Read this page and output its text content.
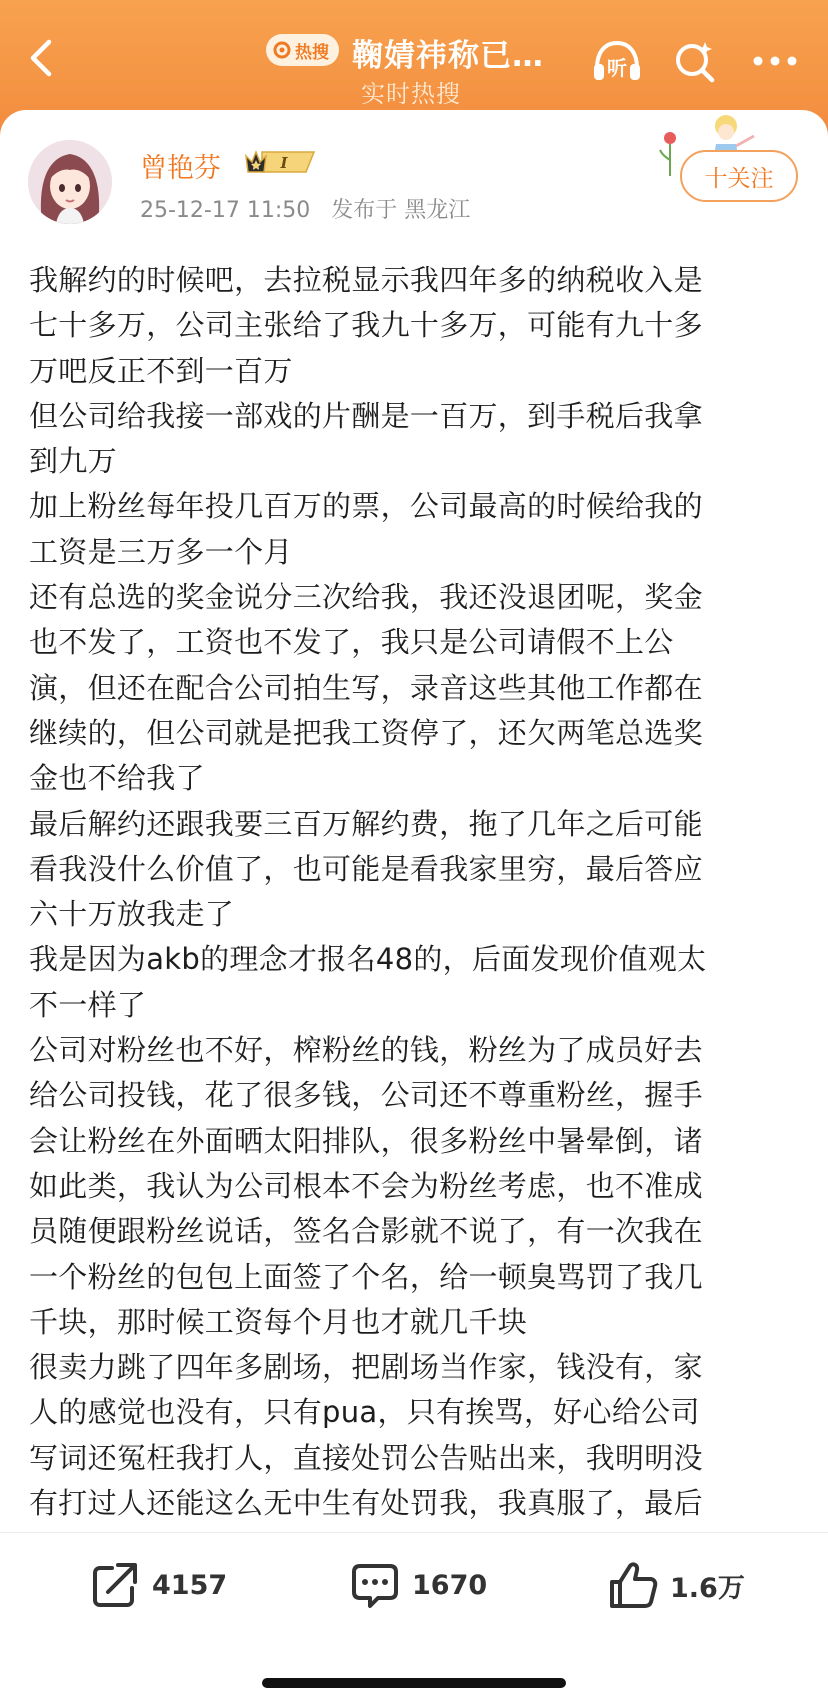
热搜 鞠婧祎称已…
实时热搜
听
曾艳芬	I
25-12-17 11:50 发布于 黑龙江
十关注
我解约的时候吧，去拉税显示我四年多的纳税收入是
七十多万，公司主张给了我九十多万，可能有九十多
万吧反正不到一百万
但公司给我接一部戏的片酬是一百万，到手税后我拿
到九万
加上粉丝每年投几百万的票，公司最高的时候给我的
工资是三万多一个月
还有总选的奖金说分三次给我，我还没退团呢，奖金
也不发了，工资也不发了，我只是公司请假不上公
演，但还在配合公司拍生写，录音这些其他工作都在
继续的，但公司就是把我工资停了，还欠两笔总选奖
金也不给我了
最后解约还跟我要三百万解约费，拖了几年之后可能
看我没什么价值了，也可能是看我家里穷，最后答应
六十万放我走了
我是因为akb的理念才报名48的，后面发现价值观太
不一样了
公司对粉丝也不好，榨粉丝的钱，粉丝为了成员好去
给公司投钱，花了很多钱，公司还不尊重粉丝，握手
会让粉丝在外面晒太阳排队，很多粉丝中暑晕倒，诸
如此类，我认为公司根本不会为粉丝考虑，也不准成
员随便跟粉丝说话，签名合影就不说了，有一次我在
一个粉丝的包包上面签了个名，给一顿臭骂罚了我几
千块，那时候工资每个月也才就几千块
很卖力跳了四年多剧场，把剧场当作家，钱没有，家
人的感觉也没有，只有pua，只有挨骂，好心给公司
写词还冤枉我打人，直接处罚公告贴出来，我明明没
有打过人还能这么无中生有处罚我，我真服了，最后
4157	1670	1.6万
